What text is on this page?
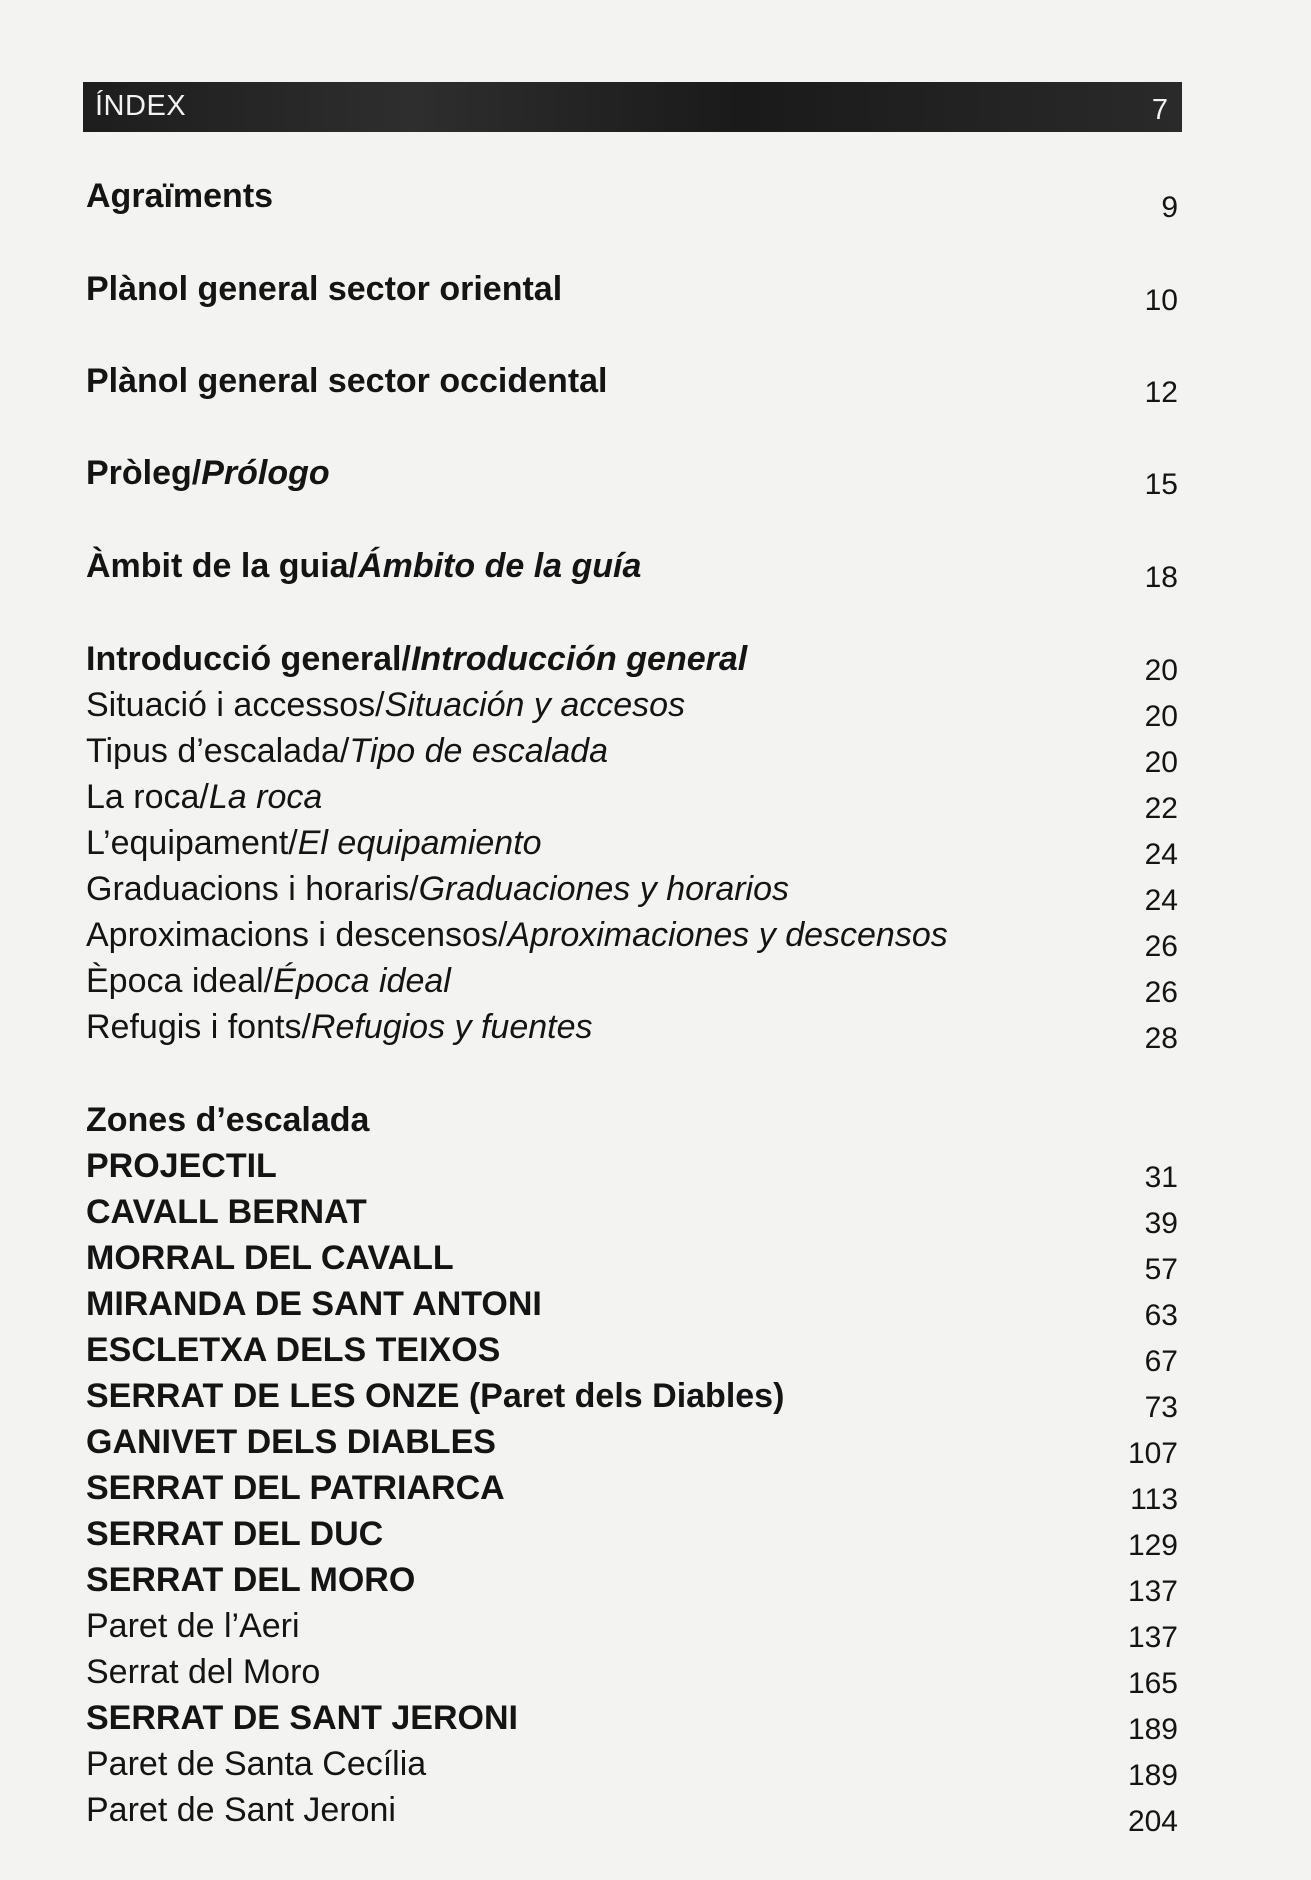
ÍNDEX	7
Agraïments	9
Plànol general sector oriental	10
Plànol general sector occidental	12
Pròleg/Prólogo	15
Àmbit de la guia/Ámbito de la guía	18
Introducció general/Introducción general	20
Situació i accessos/Situación y accesos	20
Tipus d’escalada/Tipo de escalada	20
La roca/La roca	22
L’equipament/El equipamiento	24
Graduacions i horaris/Graduaciones y horarios	24
Aproximacions i descensos/Aproximaciones y descensos	26
Època ideal/Época ideal	26
Refugis i fonts/Refugios y fuentes	28
Zones d’escalada
PROJECTIL	31
CAVALL BERNAT	39
MORRAL DEL CAVALL	57
MIRANDA DE SANT ANTONI	63
ESCLETXA DELS TEIXOS	67
SERRAT DE LES ONZE (Paret dels Diables)	73
GANIVET DELS DIABLES	107
SERRAT DEL PATRIARCA	113
SERRAT DEL DUC	129
SERRAT DEL MORO	137
Paret de l’Aeri	137
Serrat del Moro	165
SERRAT DE SANT JERONI	189
Paret de Santa Cecília	189
Paret de Sant Jeroni	204
